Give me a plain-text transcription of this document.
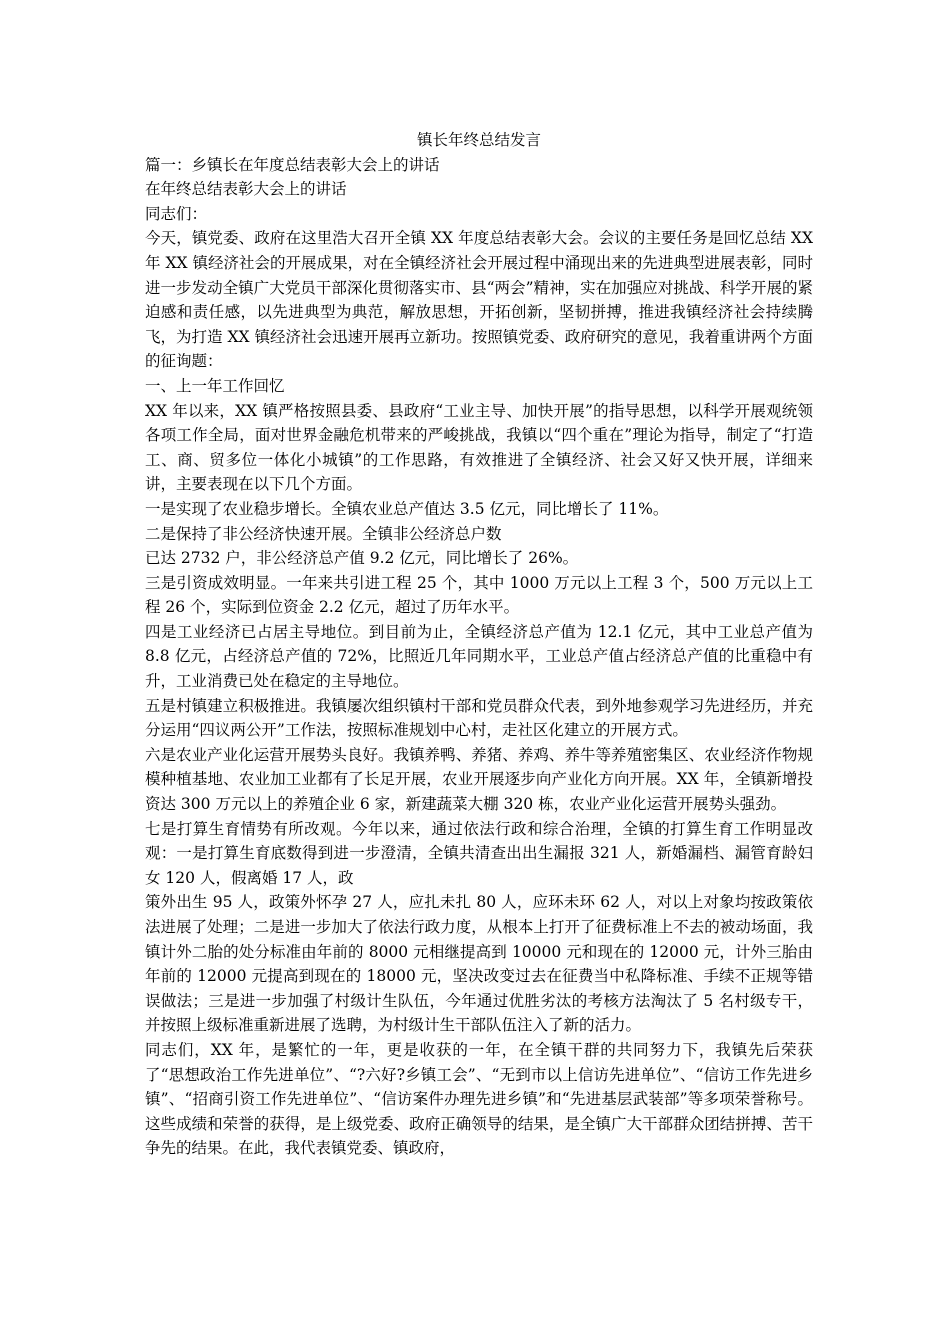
镇长年终总结发言

篇一：乡镇长在年度总结表彰大会上的讲话

在年终总结表彰大会上的讲话

同志们：

今天，镇党委、政府在这里浩大召开全镇 XX 年度总结表彰大会。会议的主要任务是回忆总结 XX 年 XX 镇经济社会的开展成果，对在全镇经济社会开展过程中涌现出来的先进典型进展表彰，同时进一步发动全镇广大党员干部深化贯彻落实市、县“两会”精神，实在加强应对挑战、科学开展的紧迫感和责任感，以先进典型为典范，解放思想，开拓创新，坚韧拼搏，推进我镇经济社会持续腾飞，为打造 XX 镇经济社会迅速开展再立新功。按照镇党委、政府研究的意见，我着重讲两个方面的征询题：

一、上一年工作回忆

XX 年以来，XX 镇严格按照县委、县政府“工业主导、加快开展”的指导思想，以科学开展观统领各项工作全局，面对世界金融危机带来的严峻挑战，我镇以“四个重在”理论为指导，制定了“打造工、商、贸多位一体化小城镇”的工作思路，有效推进了全镇经济、社会又好又快开展，详细来讲，主要表现在以下几个方面。

一是实现了农业稳步增长。全镇农业总产值达 3.5 亿元，同比增长了 11%。

二是保持了非公经济快速开展。全镇非公经济总户数

已达 2732 户，非公经济总产值 9.2 亿元，同比增长了 26%。

三是引资成效明显。一年来共引进工程 25 个，其中 1000 万元以上工程 3 个，500 万元以上工程 26 个，实际到位资金 2.2 亿元，超过了历年水平。

四是工业经济已占居主导地位。到目前为止，全镇经济总产值为 12.1 亿元，其中工业总产值为 8.8 亿元，占经济总产值的 72%，比照近几年同期水平，工业总产值占经济总产值的比重稳中有升，工业消费已处在稳定的主导地位。

五是村镇建立积极推进。我镇屡次组织镇村干部和党员群众代表，到外地参观学习先进经历，并充分运用“四议两公开”工作法，按照标准规划中心村，走社区化建立的开展方式。

六是农业产业化运营开展势头良好。我镇养鸭、养猪、养鸡、养牛等养殖密集区、农业经济作物规模种植基地、农业加工业都有了长足开展，农业开展逐步向产业化方向开展。XX 年，全镇新增投资达 300 万元以上的养殖企业 6 家，新建蔬菜大棚 320 栋，农业产业化运营开展势头强劲。

七是打算生育情势有所改观。今年以来，通过依法行政和综合治理，全镇的打算生育工作明显改观：一是打算生育底数得到进一步澄清，全镇共清查出出生漏报 321 人，新婚漏档、漏管育龄妇女 120 人，假离婚 17 人，政

策外出生 95 人，政策外怀孕 27 人，应扎未扎 80 人，应环未环 62 人，对以上对象均按政策依法进展了处理；二是进一步加大了依法行政力度，从根本上打开了征费标准上不去的被动场面，我镇计外二胎的处分标准由年前的 8000 元相继提高到 10000 元和现在的 12000 元，计外三胎由年前的 12000 元提高到现在的 18000 元，坚决改变过去在征费当中私降标准、手续不正规等错误做法；三是进一步加强了村级计生队伍，今年通过优胜劣汰的考核方法淘汰了 5 名村级专干，并按照上级标准重新进展了选聘，为村级计生干部队伍注入了新的活力。

同志们，XX 年，是繁忙的一年，更是收获的一年，在全镇干群的共同努力下，我镇先后荣获了“思想政治工作先进单位”、“?六好?乡镇工会”、“无到市以上信访先进单位”、“信访工作先进乡镇”、“招商引资工作先进单位”、“信访案件办理先进乡镇”和“先进基层武装部”等多项荣誉称号。这些成绩和荣誉的获得，是上级党委、政府正确领导的结果，是全镇广大干部群众团结拼搏、苦干争先的结果。在此，我代表镇党委、镇政府，
